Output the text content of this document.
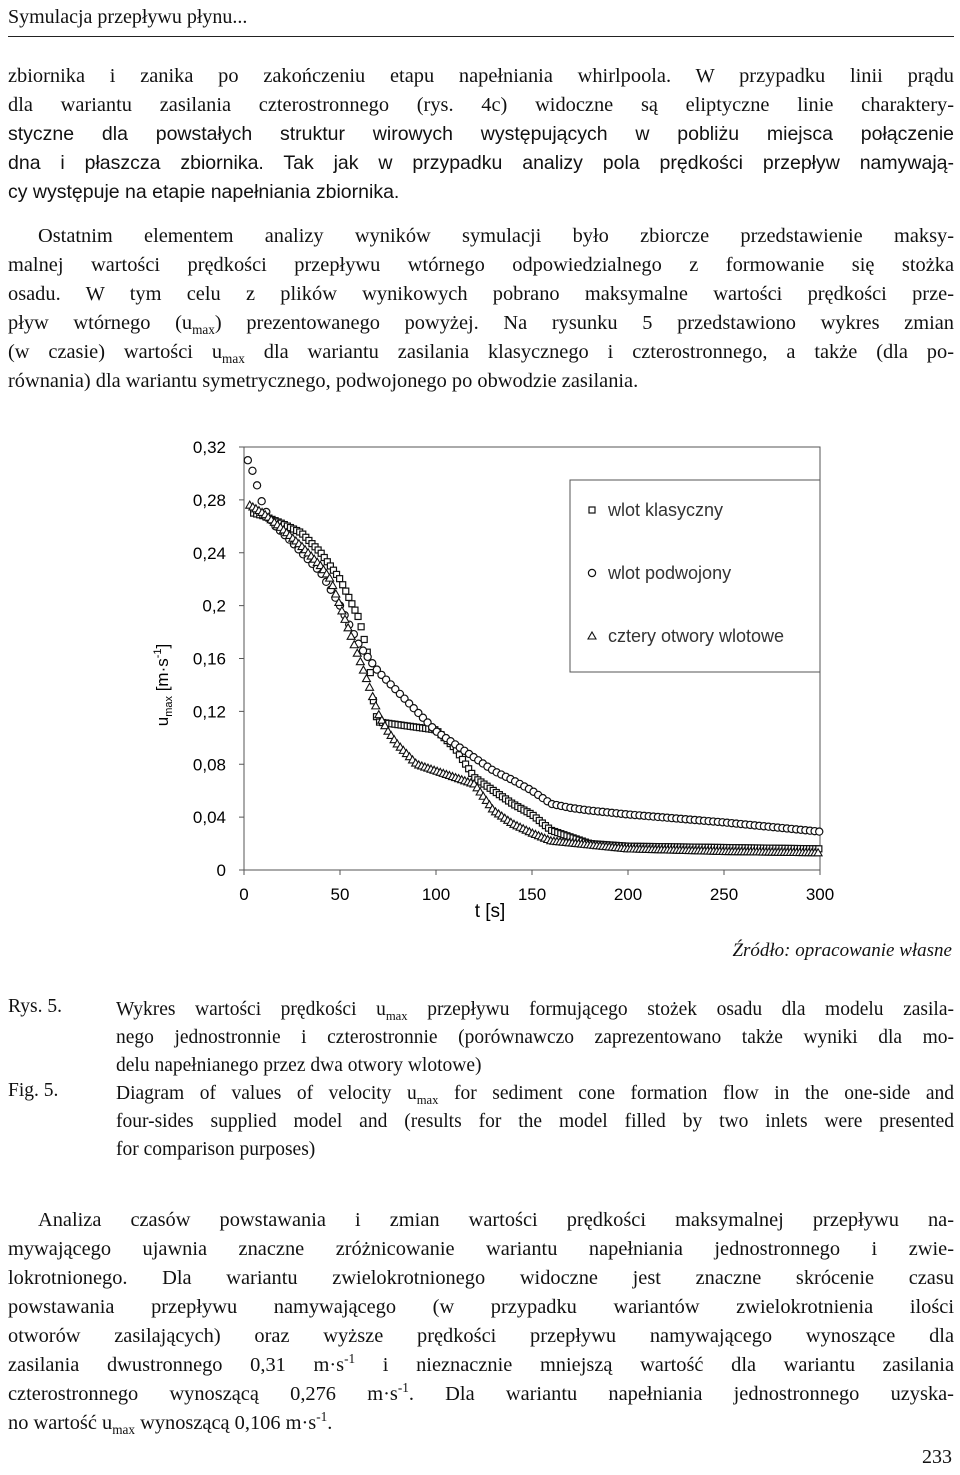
Symulacja przepływu płynu...
zbiornika i zanika po zakończeniu etapu napełniania whirlpoola. W przypadku linii prądu
dla wariantu zasilania czterostronnego (rys. 4c) widoczne są eliptyczne linie charaktery-
styczne dla powstałych struktur wirowych występujących w pobliżu miejsca połączenie
dna i płaszcza zbiornika. Tak jak w przypadku analizy pola prędkości przepływ namywają-
cy występuje na etapie napełniania zbiornika.
Ostatnim elementem analizy wyników symulacji było zbiorcze przedstawienie maksy-
malnej wartości prędkości przepływu wtórnego odpowiedzialnego z formowanie się stożka
osadu. W tym celu z plików wynikowych pobrano maksymalne wartości prędkości prze-
pływ wtórnego $(u_{max})$ prezentowanego powyżej. Na rysunku 5 przedstawiono wykres zmian
(w czasie) wartości $u_{max}$ dla wariantu zasilania klasycznego i czterostronnego, a także (dla po-
równania) dla wariantu symetrycznego, podwojonego po obwodzie zasilania.
0
0,04
0,08
0,12
0,16
0,2
0,24
0,28
0,32
0	50	100	150	200	250	300
wlot klasyczny
wlot podwojony
cztery otwory wlotowe
t [s]
$u_{max}$ $[m\cdot s^{-1}]$
Źródło: opracowanie własne
Rys. 5.
Fig. 5.
Wykres wartości prędkości $u_{max}$ przepływu formującego stożek osadu dla modelu zasila-
nego jednostronnie i czterostronnie (porównawczo zaprezentowano także wyniki dla mo-
delu napełnianego przez dwa otwory wlotowe)
Diagram of values of velocity $u_{max}$ for sediment cone formation flow in the one-side and
four-sides supplied model and (results for the model filled by two inlets were presented
for comparison purposes)
Analiza czasów powstawania i zmian wartości prędkości maksymalnej przepływu na-
mywającego ujawnia znaczne zróżnicowanie wariantu napełniania jednostronnego i zwie-
lokrotnionego. Dla wariantu zwielokrotnionego widoczne jest znaczne skrócenie czasu
powstawania przepływu namywającego (w przypadku wariantów zwielokrotnienia ilości
otworów zasilających) oraz wyższe prędkości przepływu namywającego wynoszące dla
zasilania dwustronnego 0,31 $m\cdot s^{-1}$ i nieznacznie mniejszą wartość dla wariantu zasilania
czterostronnego wynoszącą 0,276 $m\cdot s^{-1}$. Dla wariantu napełniania jednostronnego uzyska-
no wartość $u_{max}$ wynoszącą 0,106 $m\cdot s^{-1}$.
233
